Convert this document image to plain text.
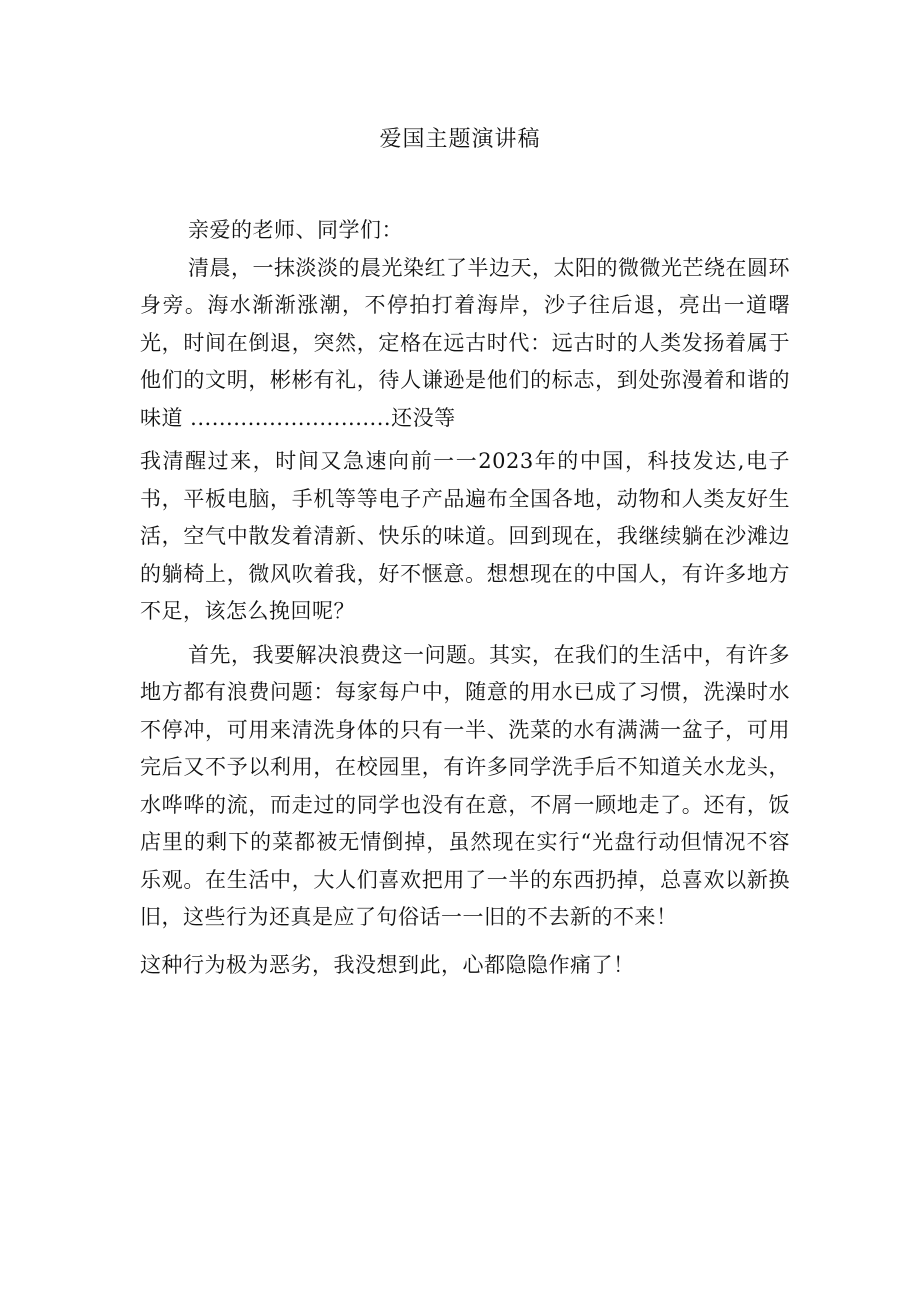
爱国主题演讲稿

亲爱的老师、同学们：

清晨，一抹淡淡的晨光染红了半边天，太阳的微微光芒绕在圆环身旁。海水渐渐涨潮，不停拍打着海岸，沙子往后退，亮出一道曙光，时间在倒退，突然，定格在远古时代：远古时的人类发扬着属于他们的文明，彬彬有礼，待人谦逊是他们的标志，到处弥漫着和谐的味道 ............................还没等

我清醒过来，时间又急速向前一一2023年的中国，科技发达,电子书，平板电脑，手机等等电子产品遍布全国各地，动物和人类友好生活，空气中散发着清新、快乐的味道。回到现在，我继续躺在沙滩边的躺椅上，微风吹着我，好不惬意。想想现在的中国人，有许多地方不足，该怎么挽回呢？

首先，我要解决浪费这一问题。其实，在我们的生活中，有许多地方都有浪费问题：每家每户中，随意的用水已成了习惯，洗澡时水不停冲，可用来清洗身体的只有一半、洗菜的水有满满一盆子，可用完后又不予以利用，在校园里，有许多同学洗手后不知道关水龙头，水哗哗的流，而走过的同学也没有在意，不屑一顾地走了。还有，饭店里的剩下的菜都被无情倒掉，虽然现在实行“光盘行动但情况不容乐观。在生活中，大人们喜欢把用了一半的东西扔掉，总喜欢以新换旧，这些行为还真是应了句俗话一一旧的不去新的不来！

这种行为极为恶劣，我没想到此，心都隐隐作痛了！
